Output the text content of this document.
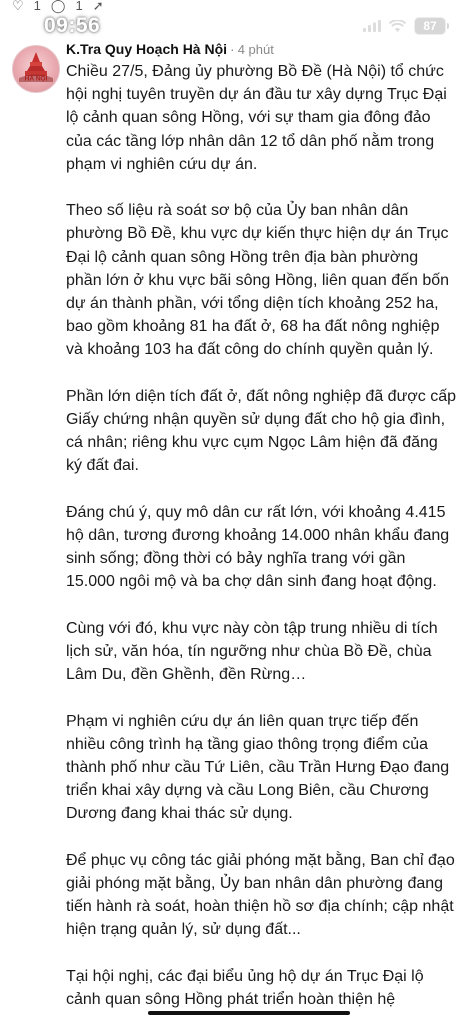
♡ 1 ◯ 1 ➚
09:56	87
HÀ NỘI
K.Tra Quy Hoạch Hà Nội · 4 phút

Chiều 27/5, Đảng ủy phường Bồ Đề (Hà Nội) tổ chức hội nghị tuyên truyền dự án đầu tư xây dựng Trục Đại lộ cảnh quan sông Hồng, với sự tham gia đông đảo của các tầng lớp nhân dân 12 tổ dân phố nằm trong phạm vi nghiên cứu dự án.

Theo số liệu rà soát sơ bộ của Ủy ban nhân dân phường Bồ Đề, khu vực dự kiến thực hiện dự án Trục Đại lộ cảnh quan sông Hồng trên địa bàn phường phần lớn ở khu vực bãi sông Hồng, liên quan đến bốn dự án thành phần, với tổng diện tích khoảng 252 ha, bao gồm khoảng 81 ha đất ở, 68 ha đất nông nghiệp và khoảng 103 ha đất công do chính quyền quản lý.

Phần lớn diện tích đất ở, đất nông nghiệp đã được cấp Giấy chứng nhận quyền sử dụng đất cho hộ gia đình, cá nhân; riêng khu vực cụm Ngọc Lâm hiện đã đăng ký đất đai.

Đáng chú ý, quy mô dân cư rất lớn, với khoảng 4.415 hộ dân, tương đương khoảng 14.000 nhân khẩu đang sinh sống; đồng thời có bảy nghĩa trang với gần 15.000 ngôi mộ và ba chợ dân sinh đang hoạt động.

Cùng với đó, khu vực này còn tập trung nhiều di tích lịch sử, văn hóa, tín ngưỡng như chùa Bồ Đề, chùa Lâm Du, đền Ghềnh, đền Rừng…

Phạm vi nghiên cứu dự án liên quan trực tiếp đến nhiều công trình hạ tầng giao thông trọng điểm của thành phố như cầu Tứ Liên, cầu Trần Hưng Đạo đang triển khai xây dựng và cầu Long Biên, cầu Chương Dương đang khai thác sử dụng.

Để phục vụ công tác giải phóng mặt bằng, Ban chỉ đạo giải phóng mặt bằng, Ủy ban nhân dân phường đang tiến hành rà soát, hoàn thiện hồ sơ địa chính; cập nhật hiện trạng quản lý, sử dụng đất...

Tại hội nghị, các đại biểu ủng hộ dự án Trục Đại lộ cảnh quan sông Hồng phát triển hoàn thiện hệ
